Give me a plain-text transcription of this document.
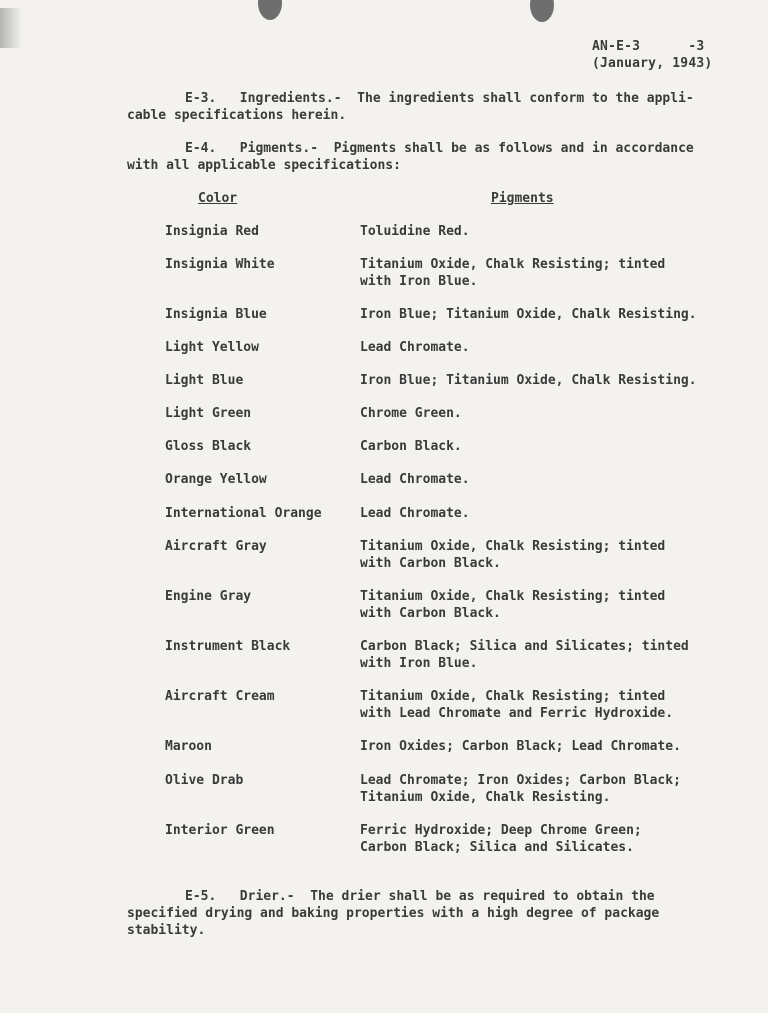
AN-E-3      -3
(January, 1943)
E-3.   Ingredients.-  The ingredients shall conform to the appli-
cable specifications herein.
E-4.   Pigments.-  Pigments shall be as follows and in accordance
with all applicable specifications:
Color	Pigments
Insignia Red	Toluidine Red.
Insignia White	Titanium Oxide, Chalk Resisting; tinted
with Iron Blue.
Insignia Blue	Iron Blue; Titanium Oxide, Chalk Resisting.
Light Yellow	Lead Chromate.
Light Blue	Iron Blue; Titanium Oxide, Chalk Resisting.
Light Green	Chrome Green.
Gloss Black	Carbon Black.
Orange Yellow	Lead Chromate.
International Orange	Lead Chromate.
Aircraft Gray	Titanium Oxide, Chalk Resisting; tinted
with Carbon Black.
Engine Gray	Titanium Oxide, Chalk Resisting; tinted
with Carbon Black.
Instrument Black	Carbon Black; Silica and Silicates; tinted
with Iron Blue.
Aircraft Cream	Titanium Oxide, Chalk Resisting; tinted
with Lead Chromate and Ferric Hydroxide.
Maroon	Iron Oxides; Carbon Black; Lead Chromate.
Olive Drab	Lead Chromate; Iron Oxides; Carbon Black;
Titanium Oxide, Chalk Resisting.
Interior Green	Ferric Hydroxide; Deep Chrome Green;
Carbon Black; Silica and Silicates.
E-5.   Drier.-  The drier shall be as required to obtain the
specified drying and baking properties with a high degree of package
stability.
